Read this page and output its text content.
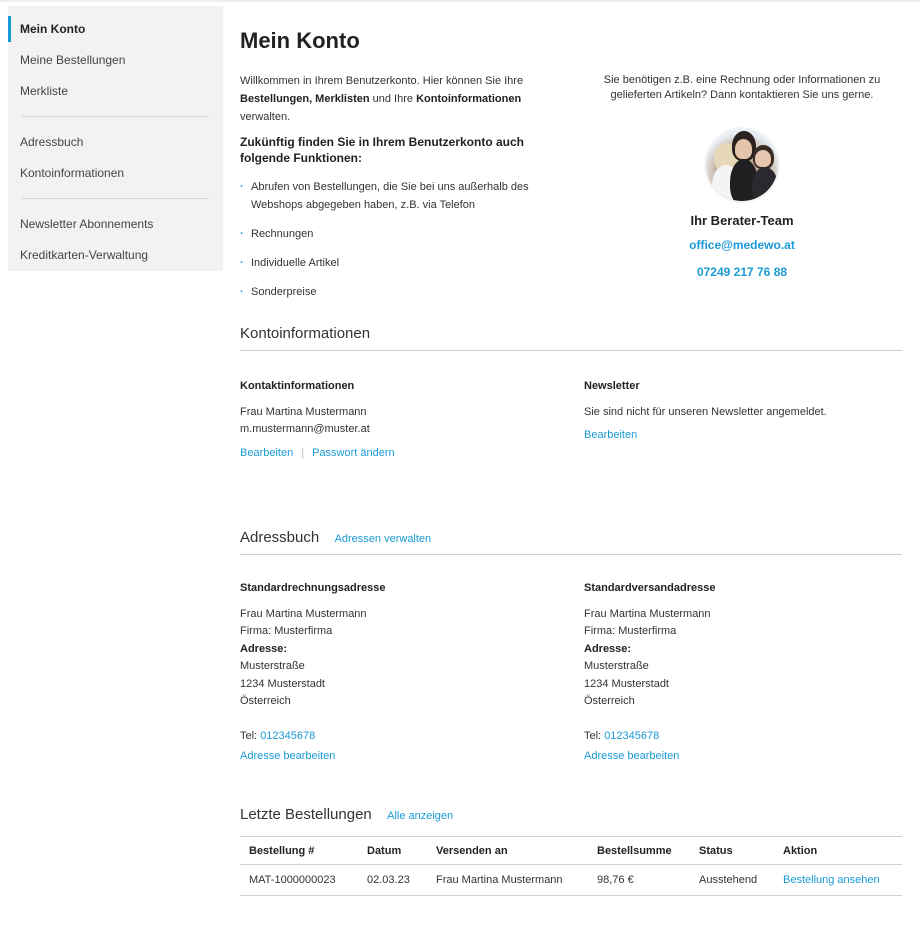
Mein Konto
Meine Bestellungen
Merkliste
Adressbuch
Kontoinformationen
Newsletter Abonnements
Kreditkarten-Verwaltung
Mein Konto

Willkommen in Ihrem Benutzerkonto. Hier können Sie Ihre Bestellungen, Merklisten und Ihre Kontoinformationen verwalten.

Zukünftig finden Sie in Ihrem Benutzerkonto auch folgende Funktionen:

· Abrufen von Bestellungen, die Sie bei uns außerhalb des Webshops abgegeben haben, z.B. via Telefon
· Rechnungen
· Individuelle Artikel
· Sonderpreise

Sie benötigen z.B. eine Rechnung oder Informationen zu gelieferten Artikeln? Dann kontaktieren Sie uns gerne.

Ihr Berater-Team

office@medewo.at

07249 217 76 88

Kontoinformationen
Kontaktinformationen
Frau Martina Mustermann
m.mustermann@muster.at
Bearbeiten | Passwort ändern
Newsletter
Sie sind nicht für unseren Newsletter angemeldet.
Bearbeiten
Adressbuch Adressen verwalten
Standardrechnungsadresse
Frau Martina Mustermann
Firma: Musterfirma
Adresse:
Musterstraße
1234 Musterstadt
Österreich
Tel: 012345678
Adresse bearbeiten
Standardversandadresse
Frau Martina Mustermann
Firma: Musterfirma
Adresse:
Musterstraße
1234 Musterstadt
Österreich
Tel: 012345678
Adresse bearbeiten
Letzte Bestellungen Alle anzeigen
Bestellung #	Datum	Versenden an	Bestellsumme	Status	Aktion
MAT-1000000023	02.03.23	Frau Martina Mustermann	98,76 €	Ausstehend	Bestellung ansehen
